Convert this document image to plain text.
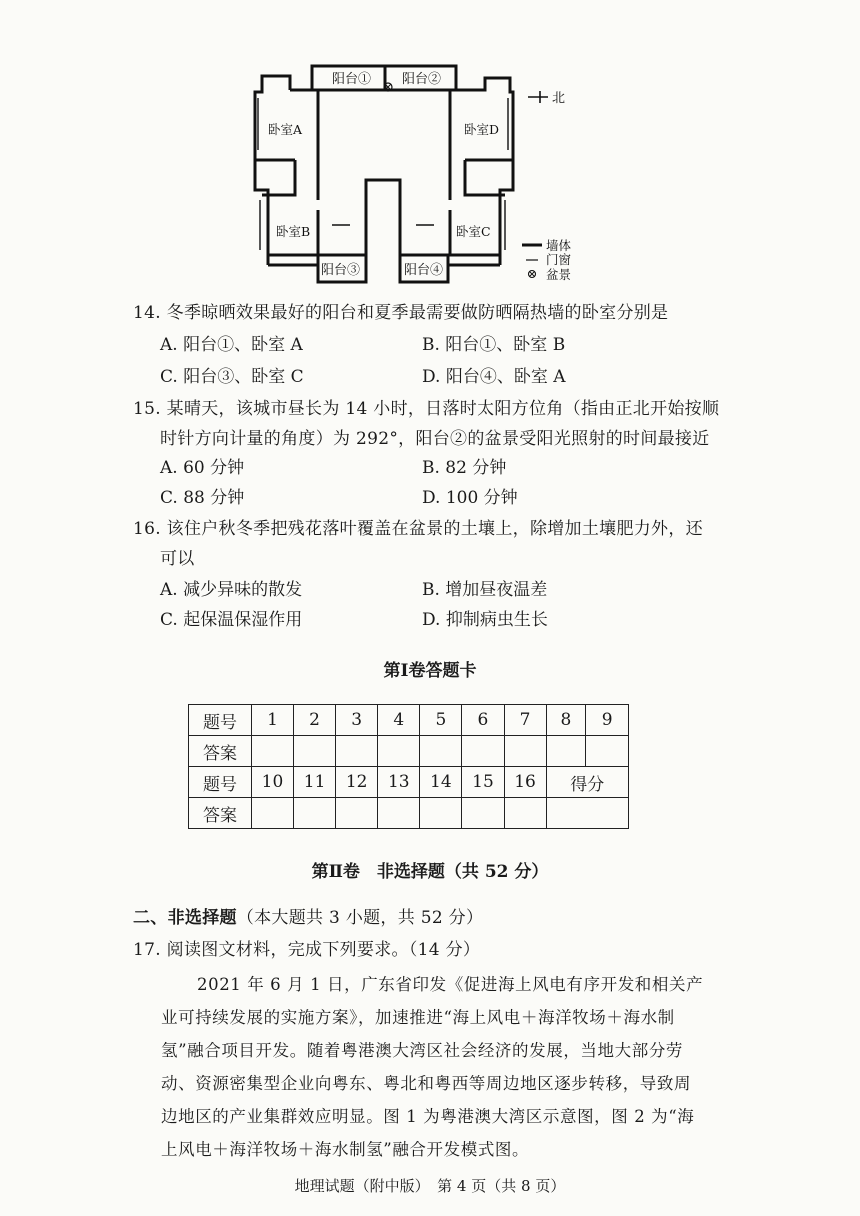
阳台① 阳台②
卧室A	卧室D
卧室B	卧室C
阳台③	阳台④
北
墙体
门窗
盆景
14. 冬季晾晒效果最好的阳台和夏季最需要做防晒隔热墙的卧室分别是
A. 阳台①、卧室 A	B. 阳台①、卧室 B
C. 阳台③、卧室 C	D. 阳台④、卧室 A
15. 某晴天，该城市昼长为 14 小时，日落时太阳方位角（指由正北开始按顺
时针方向计量的角度）为 292°，阳台②的盆景受阳光照射的时间最接近
A. 60 分钟	B. 82 分钟
C. 88 分钟	D. 100 分钟
16. 该住户秋冬季把残花落叶覆盖在盆景的土壤上，除增加土壤肥力外，还
可以
A. 减少异味的散发	B. 增加昼夜温差
C. 起保温保湿作用	D. 抑制病虫生长
第Ⅰ卷答题卡
题号	1	2	3	4	5	6	7	8	9
答案									
题号	10	11	12	13	14	15	16	得分	
答案									
第Ⅱ卷　非选择题（共 52 分）
二、非选择题（本大题共 3 小题，共 52 分）
17. 阅读图文材料，完成下列要求。（14 分）
2021 年 6 月 1 日，广东省印发《促进海上风电有序开发和相关产
业可持续发展的实施方案》，加速推进“海上风电＋海洋牧场＋海水制
氢”融合项目开发。随着粤港澳大湾区社会经济的发展，当地大部分劳
动、资源密集型企业向粤东、粤北和粤西等周边地区逐步转移，导致周
边地区的产业集群效应明显。图 1 为粤港澳大湾区示意图，图 2 为“海
上风电＋海洋牧场＋海水制氢”融合开发模式图。
地理试题（附中版）　第 4 页（共 8 页）
